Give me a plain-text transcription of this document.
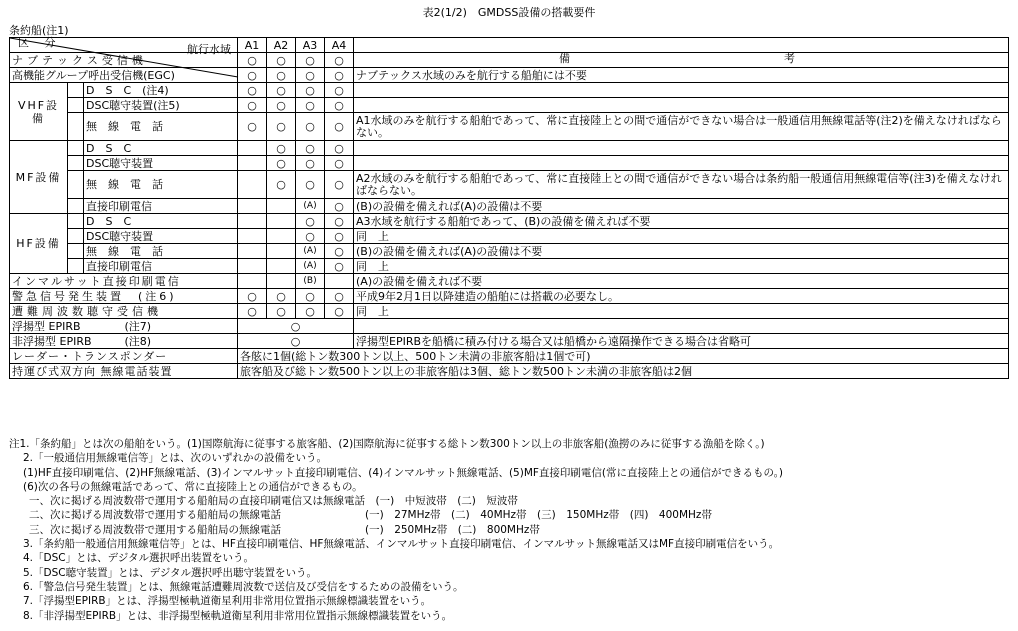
表2(1/2)　GMDSS設備の搭載要件
条約船(注1)
航行水域
区 分			A1	A2	A3	A4	備 考

ナブテックス受信機			○	○	○	○	
高機能グループ呼出受信機(EGC)			○	○	○	○	ナブテックス水域のみを航行する船舶には不要
VHF設備		D　S　C　(注4)	○	○	○	○	
		DSC聴守装置(注5)	○	○	○	○	
		無　線　電　話	○	○	○	○	A1水域のみを航行する船舶であって、常に直接陸上との間で通信ができない場合は一般通信用無線電話等(注2)を備えなければならない。
MF設備		D　S　C		○	○	○	
		DSC聴守装置		○	○	○	
		無　線　電　話		○	○	○	A2水域のみを航行する船舶であって、常に直接陸上との間で通信ができない場合は条約船一般通信用無線電信等(注3)を備えなければならない。
		直接印刷電信			(A)	○	(B)の設備を備えれば(A)の設備は不要
HF設備		D　S　C			○	○	A3水域を航行する船舶であって、(B)の設備を備えれば不要
		DSC聴守装置			○	○	同　上
		無　線　電　話			(A)	○	(B)の設備を備えれば(A)の設備は不要
		直接印刷電信			(A)	○	同　上
インマルサット直接印刷電信					(B)		(A)の設備を備えれば不要
警急信号発生装置　(注6)			○	○	○	○	平成9年2月1日以降建造の船舶には搭載の必要なし。
遭難周波数聴守受信機			○	○	○	○	同　上
浮揚型 EPIRB　　　　(注7)			○				
非浮揚型 EPIRB　　　(注8)			○				浮揚型EPIRBを船橋に積み付ける場合又は船橋から遠隔操作できる場合は省略可
レーダー・トランスポンダー			各舷に1個(総トン数300トン以上、500トン未満の非旅客船は1個で可)				
持運び式双方向 無線電話装置			旅客船及び総トン数500トン以上の非旅客船は3個、総トン数500トン未満の非旅客船は2個				
注1.「条約船」とは次の船舶をいう。(1)国際航海に従事する旅客船、(2)国際航海に従事する総トン数300トン以上の非旅客船(漁撈のみに従事する漁船を除く。)
2.「一般通信用無線電信等」とは、次のいずれかの設備をいう。
(1)HF直接印刷電信、(2)HF無線電話、(3)インマルサット直接印刷電信、(4)インマルサット無線電話、(5)MF直接印刷電信(常に直接陸上との通信ができるもの。)
(6)次の各号の無線電話であって、常に直接陸上との通信ができるもの。
一、次に掲げる周波数帯で運用する船舶局の直接印刷電信又は無線電話　(一)　中短波帯　(二)　短波帯
二、次に掲げる周波数帯で運用する船舶局の無線電話　　　　　　　　(一)　27MHz帯　(二)　40MHz帯　(三)　150MHz帯　(四)　400MHz帯
三、次に掲げる周波数帯で運用する船舶局の無線電話　　　　　　　　(一)　250MHz帯　(二)　800MHz帯
3.「条約船一般通信用無線電信等」とは、HF直接印刷電信、HF無線電話、インマルサット直接印刷電信、インマルサット無線電話又はMF直接印刷電信をいう。
4.「DSC」とは、デジタル選択呼出装置をいう。
5.「DSC聴守装置」とは、デジタル選択呼出聴守装置をいう。
6.「警急信号発生装置」とは、無線電話遭難周波数で送信及び受信をするための設備をいう。
7.「浮揚型EPIRB」とは、浮揚型極軌道衛星利用非常用位置指示無線標識装置をいう。
8.「非浮揚型EPIRB」とは、非浮揚型極軌道衛星利用非常用位置指示無線標識装置をいう。
